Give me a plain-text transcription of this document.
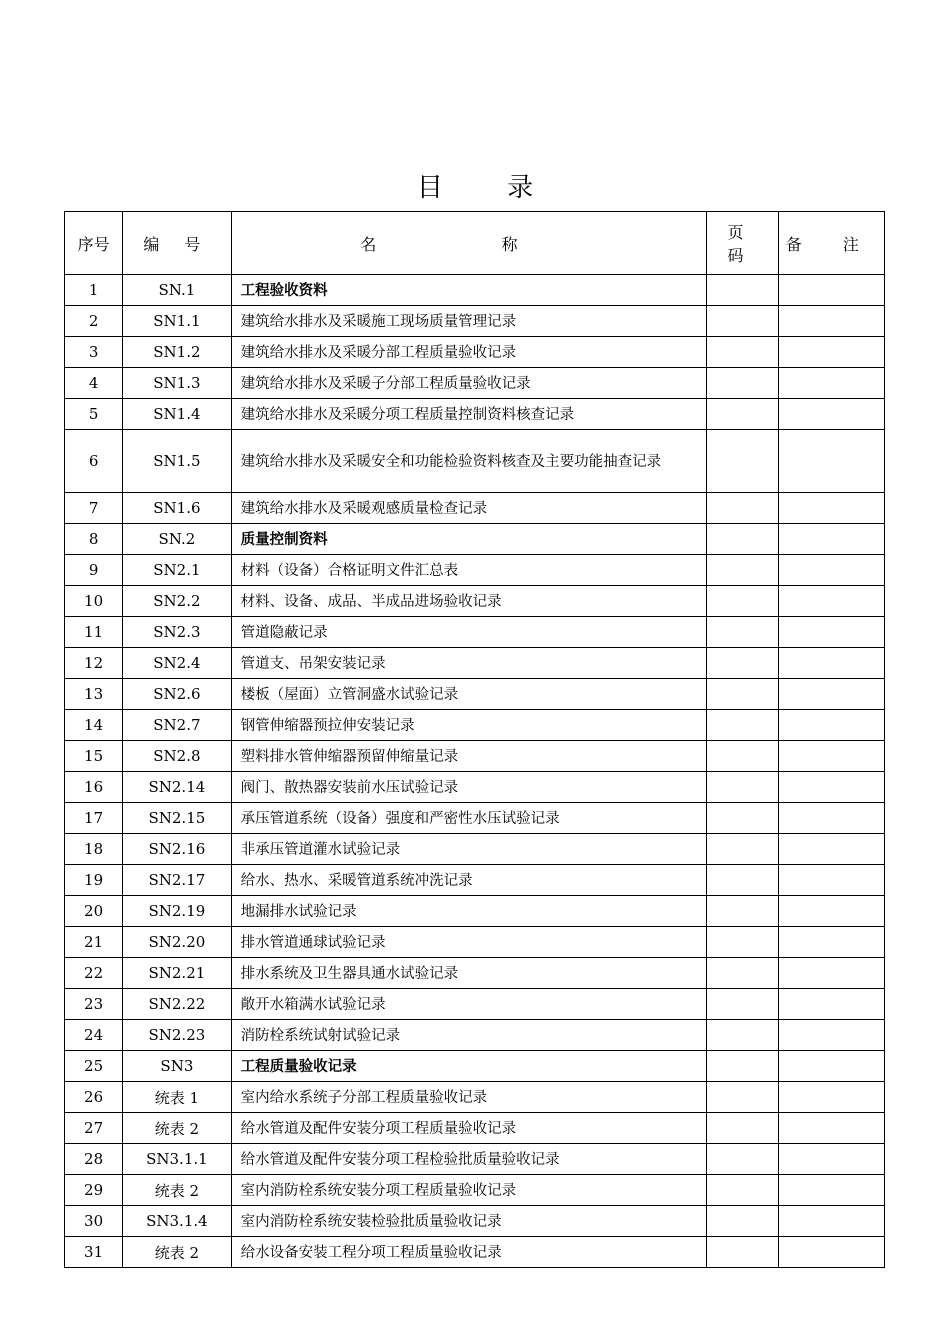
目 录
序号	编 号	名 称	页 码	备 注
1	SN.1	工程验收资料		
2	SN1.1	建筑给水排水及采暖施工现场质量管理记录		
3	SN1.2	建筑给水排水及采暖分部工程质量验收记录		
4	SN1.3	建筑给水排水及采暖子分部工程质量验收记录		
5	SN1.4	建筑给水排水及采暖分项工程质量控制资料核查记录		
6	SN1.5	建筑给水排水及采暖安全和功能检验资料核查及主要功能抽查记录		
7	SN1.6	建筑给水排水及采暖观感质量检查记录		
8	SN.2	质量控制资料		
9	SN2.1	材料（设备）合格证明文件汇总表		
10	SN2.2	材料、设备、成品、半成品进场验收记录		
11	SN2.3	管道隐蔽记录		
12	SN2.4	管道支、吊架安装记录		
13	SN2.6	楼板（屋面）立管洞盛水试验记录		
14	SN2.7	钢管伸缩器预拉伸安装记录		
15	SN2.8	塑料排水管伸缩器预留伸缩量记录		
16	SN2.14	阀门、散热器安装前水压试验记录		
17	SN2.15	承压管道系统（设备）强度和严密性水压试验记录		
18	SN2.16	非承压管道灌水试验记录		
19	SN2.17	给水、热水、采暖管道系统冲洗记录		
20	SN2.19	地漏排水试验记录		
21	SN2.20	排水管道通球试验记录		
22	SN2.21	排水系统及卫生器具通水试验记录		
23	SN2.22	敞开水箱满水试验记录		
24	SN2.23	消防栓系统试射试验记录		
25	SN3	工程质量验收记录		
26	统表 1	室内给水系统子分部工程质量验收记录		
27	统表 2	给水管道及配件安装分项工程质量验收记录		
28	SN3.1.1	给水管道及配件安装分项工程检验批质量验收记录		
29	统表 2	室内消防栓系统安装分项工程质量验收记录		
30	SN3.1.4	室内消防栓系统安装检验批质量验收记录		
31	统表 2	给水设备安装工程分项工程质量验收记录		
